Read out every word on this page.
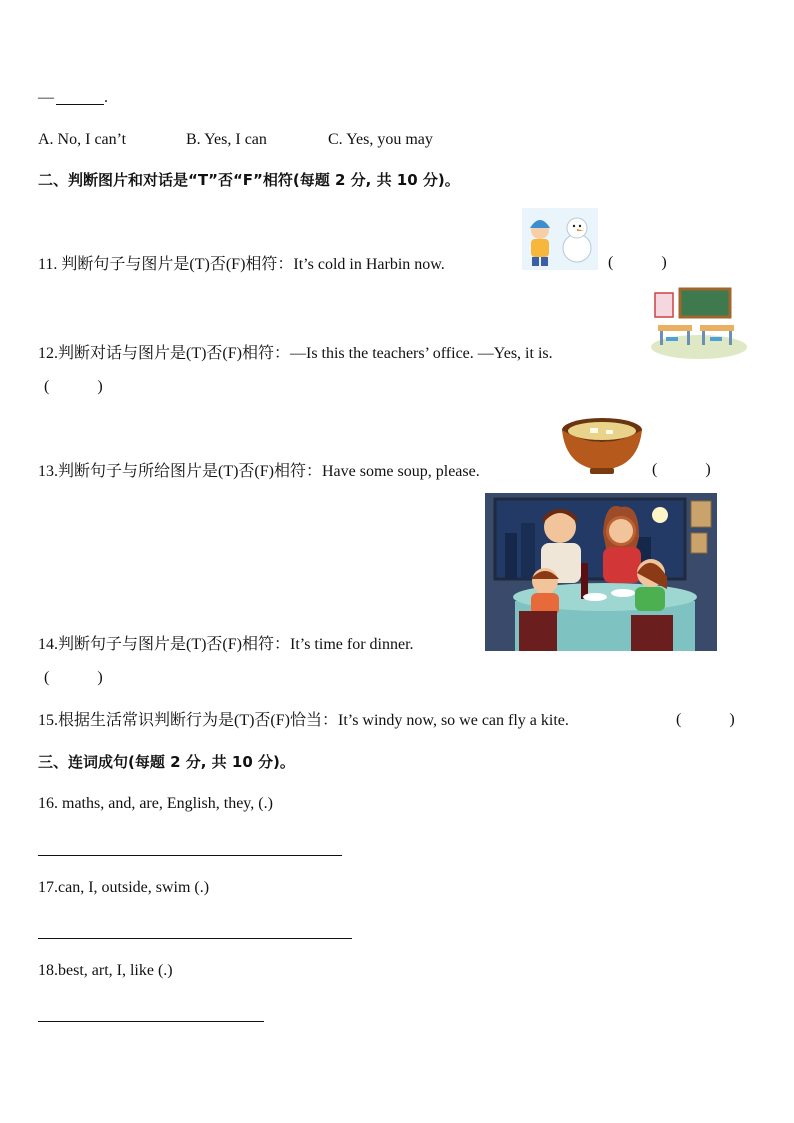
—	.
A. No, I can’t	B. Yes, I can	C. Yes, you may
二、判断图片和对话是“T”否“F”相符(每题 2 分, 共 10 分)。
11. 判断句子与图片是(T)否(F)相符：It’s cold in Harbin now.	(　　　)
12.判断对话与图片是(T)否(F)相符：—Is this the teachers’ office. —Yes, it is.
(　　　)
13.判断句子与所给图片是(T)否(F)相符：Have some soup, please.	(　　　)
14.判断句子与图片是(T)否(F)相符：It’s time for dinner.
(　　　)
15.根据生活常识判断行为是(T)否(F)恰当：It’s windy now, so we can fly a kite.	(　　　)
三、连词成句(每题 2 分, 共 10 分)。
16. maths, and, are, English, they, (.)
17.can, I, outside, swim (.)
18.best, art, I, like (.)
